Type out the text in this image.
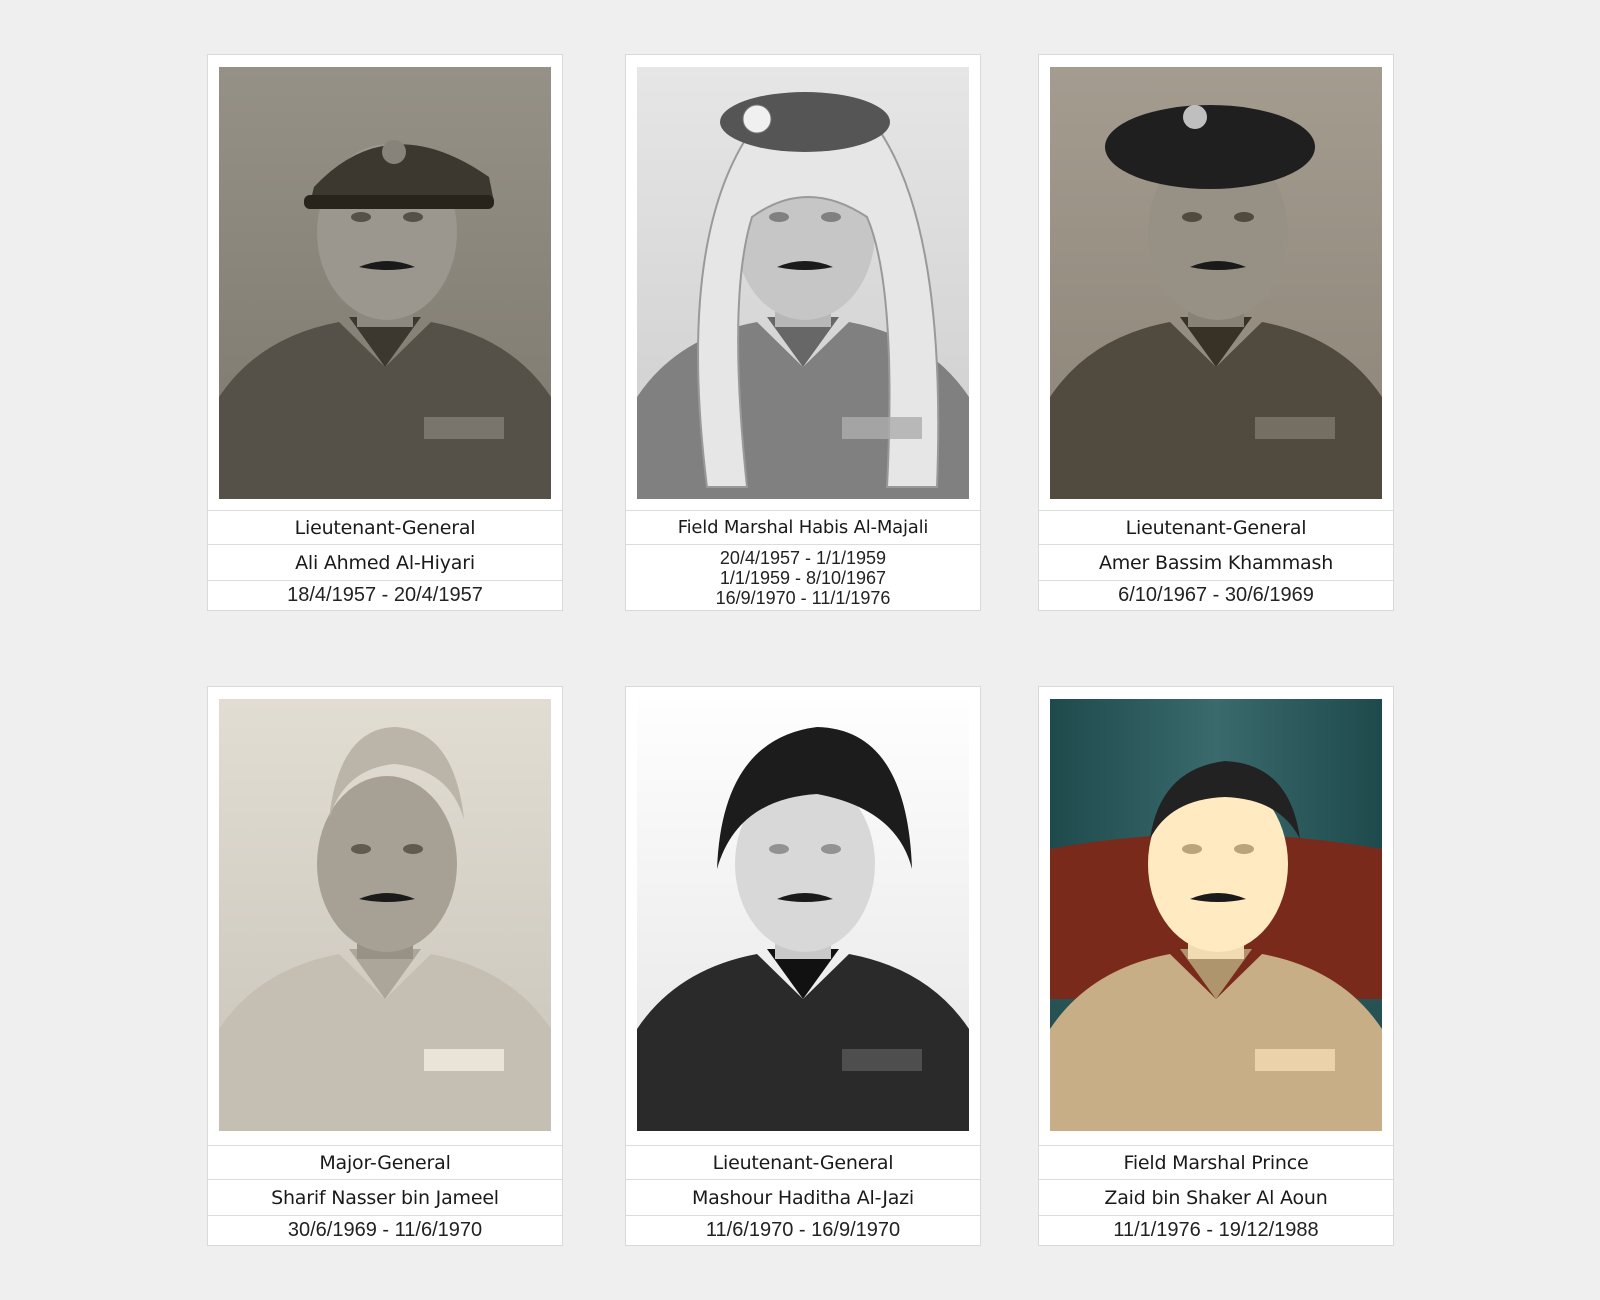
Lieutenant-General
Ali Ahmed Al-Hiyari
18/4/1957 - 20/4/1957
Field Marshal Habis Al-Majali
20/4/1957 - 1/1/1959
1/1/1959 - 8/10/1967
16/9/1970 - 11/1/1976
Lieutenant-General
Amer Bassim Khammash
6/10/1967 - 30/6/1969
Major-General
Sharif Nasser bin Jameel
30/6/1969 - 11/6/1970
Lieutenant-General
Mashour Haditha Al-Jazi
11/6/1970 - 16/9/1970
Field Marshal Prince
Zaid bin Shaker Al Aoun
11/1/1976 - 19/12/1988
